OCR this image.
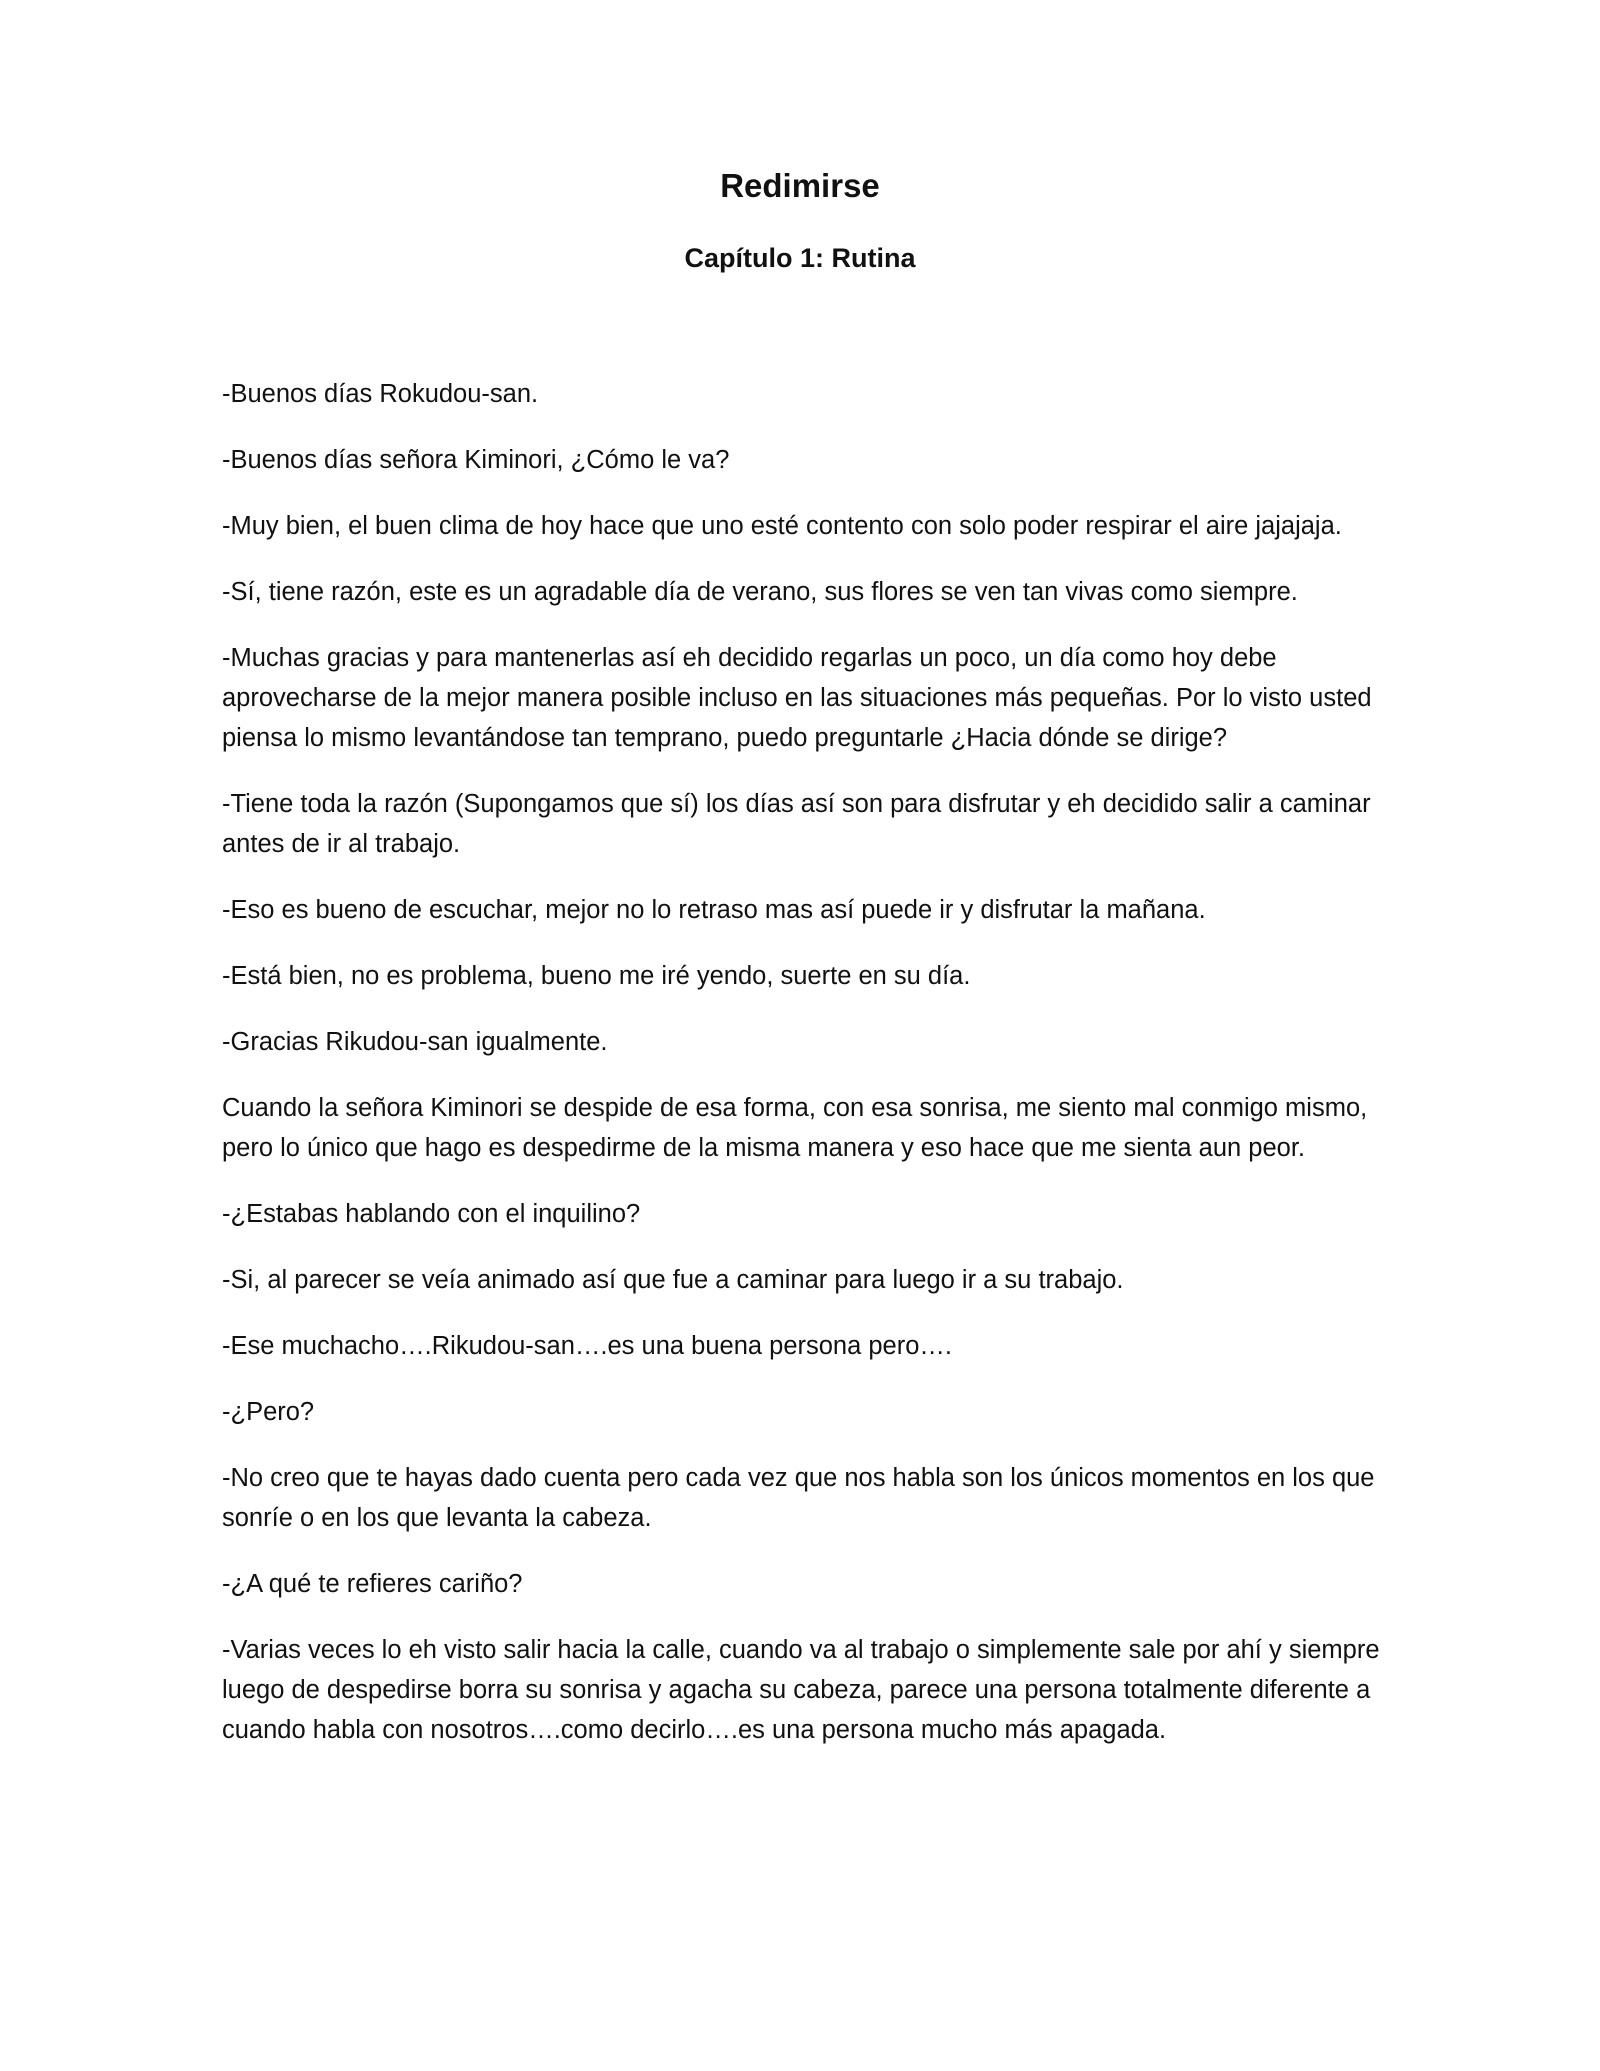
Redimirse
Capítulo 1: Rutina

-Buenos días Rokudou-san.

-Buenos días señora Kiminori, ¿Cómo le va?

-Muy bien, el buen clima de hoy hace que uno esté contento con solo poder respirar el aire jajajaja.

-Sí, tiene razón, este es un agradable día de verano, sus flores se ven tan vivas como siempre.

-Muchas gracias y para mantenerlas así eh decidido regarlas un poco, un día como hoy debe aprovecharse de la mejor manera posible incluso en las situaciones más pequeñas. Por lo visto usted piensa lo mismo levantándose tan temprano, puedo preguntarle ¿Hacia dónde se dirige?

-Tiene toda la razón (Supongamos que sí) los días así son para disfrutar y eh decidido salir a caminar antes de ir al trabajo.

-Eso es bueno de escuchar, mejor no lo retraso mas así puede ir y disfrutar la mañana.

-Está bien, no es problema, bueno me iré yendo, suerte en su día.

-Gracias Rikudou-san igualmente.

Cuando la señora Kiminori se despide de esa forma, con esa sonrisa, me siento mal conmigo mismo, pero lo único que hago es despedirme de la misma manera y eso hace que me sienta aun peor.

-¿Estabas hablando con el inquilino?

-Si, al parecer se veía animado así que fue a caminar para luego ir a su trabajo.

-Ese muchacho….Rikudou-san….es una buena persona pero….

-¿Pero?

-No creo que te hayas dado cuenta pero cada vez que nos habla son los únicos momentos en los que sonríe o en los que levanta la cabeza.

-¿A qué te refieres cariño?

-Varias veces lo eh visto salir hacia la calle, cuando va al trabajo o simplemente sale por ahí y siempre luego de despedirse borra su sonrisa y agacha su cabeza, parece una persona totalmente diferente a cuando habla con nosotros….como decirlo….es una persona mucho más apagada.
